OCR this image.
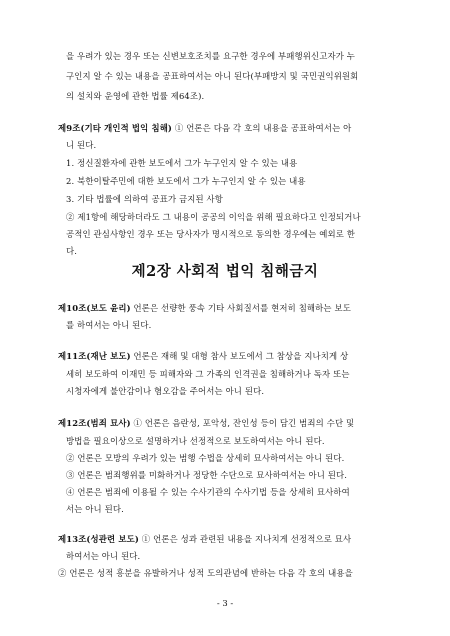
을 우려가 있는 경우 또는 신변보호조치를 요구한 경우에 부패행위신고자가 누
구인지 알 수 있는 내용을 공표하여서는 아니 된다(부패방지 및 국민권익위원회
의 설치와 운영에 관한 법률 제64조).
제9조(기타 개인적 법익 침해) ① 언론은 다음 각 호의 내용을 공표하여서는 아
니 된다.
1. 정신질환자에 관한 보도에서 그가 누구인지 알 수 있는 내용
2. 북한이탈주민에 대한 보도에서 그가 누구인지 알 수 있는 내용
3. 기타 법률에 의하여 공표가 금지된 사항
② 제1항에 해당하더라도 그 내용이 공공의 이익을 위해 필요하다고 인정되거나
공적인 관심사항인 경우 또는 당사자가 명시적으로 동의한 경우에는 예외로 한
다.
제2장 사회적 법익 침해금지
제10조(보도 윤리) 언론은 선량한 풍속 기타 사회질서를 현저히 침해하는 보도
를 하여서는 아니 된다.
제11조(재난 보도) 언론은 재해 및 대형 참사 보도에서 그 참상을 지나치게 상
세히 보도하여 이재민 등 피해자와 그 가족의 인격권을 침해하거나 독자 또는
시청자에게 불안감이나 혐오감을 주어서는 아니 된다.
제12조(범죄 묘사) ① 언론은 음란성, 포악성, 잔인성 등이 담긴 범죄의 수단 및
방법을 필요이상으로 설명하거나 선정적으로 보도하여서는 아니 된다.
② 언론은 모방의 우려가 있는 범행 수법을 상세히 묘사하여서는 아니 된다.
③ 언론은 범죄행위를 미화하거나 정당한 수단으로 묘사하여서는 아니 된다.
④ 언론은 범죄에 이용될 수 있는 수사기관의 수사기법 등을 상세히 묘사하여
서는 아니 된다.
제13조(성관련 보도) ① 언론은 성과 관련된 내용을 지나치게 선정적으로 묘사
하여서는 아니 된다.
② 언론은 성적 흥분을 유발하거나 성적 도의관념에 반하는 다음 각 호의 내용을
- 3 -
